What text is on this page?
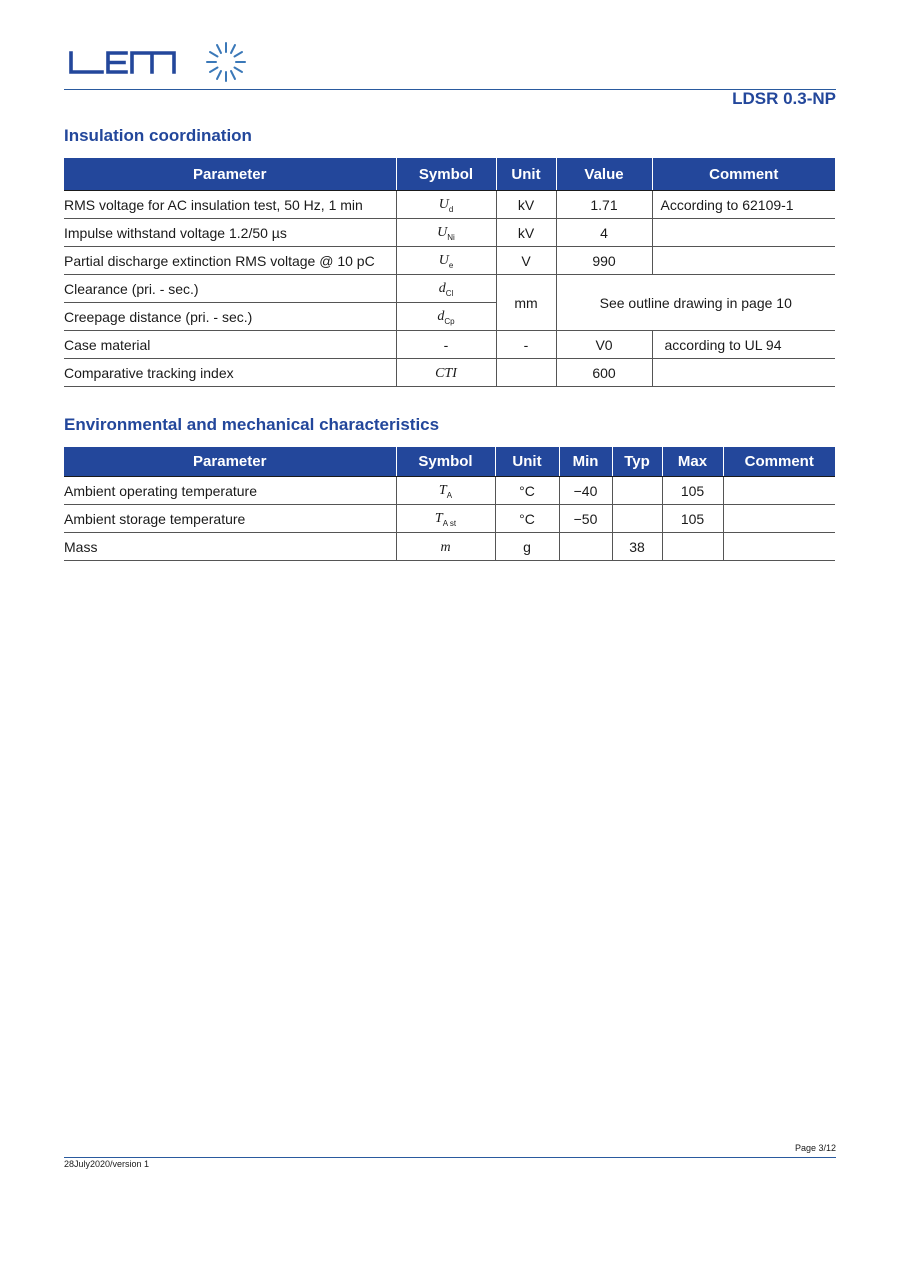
LDSR 0.3-NP
Insulation coordination
Parameter	Symbol	Unit	Value	Comment
RMS voltage for AC insulation test, 50 Hz, 1 min	$U_d$	kV	1.71	According to 62109-1
Impulse withstand voltage 1.2/50 µs	$U_{Ni}$	kV	4	
Partial discharge extinction RMS voltage @ 10 pC	$U_e$	V	990	
Clearance (pri. - sec.)	$d_{Cl}$	mm	See outline drawing in page 10	
Creepage distance (pri. - sec.)	$d_{Cp}$
Case material	-	-	V0	according to UL 94
Comparative tracking index	CTI		600	
Environmental and mechanical characteristics
Parameter	Symbol	Unit	Min	Typ	Max	Comment
Ambient operating temperature	$T_A$	°C	−40		105	
Ambient storage temperature	$T_{A st}$	°C	−50		105	
Mass	m	g		38		
Page 3/12
28July2020/version 1
